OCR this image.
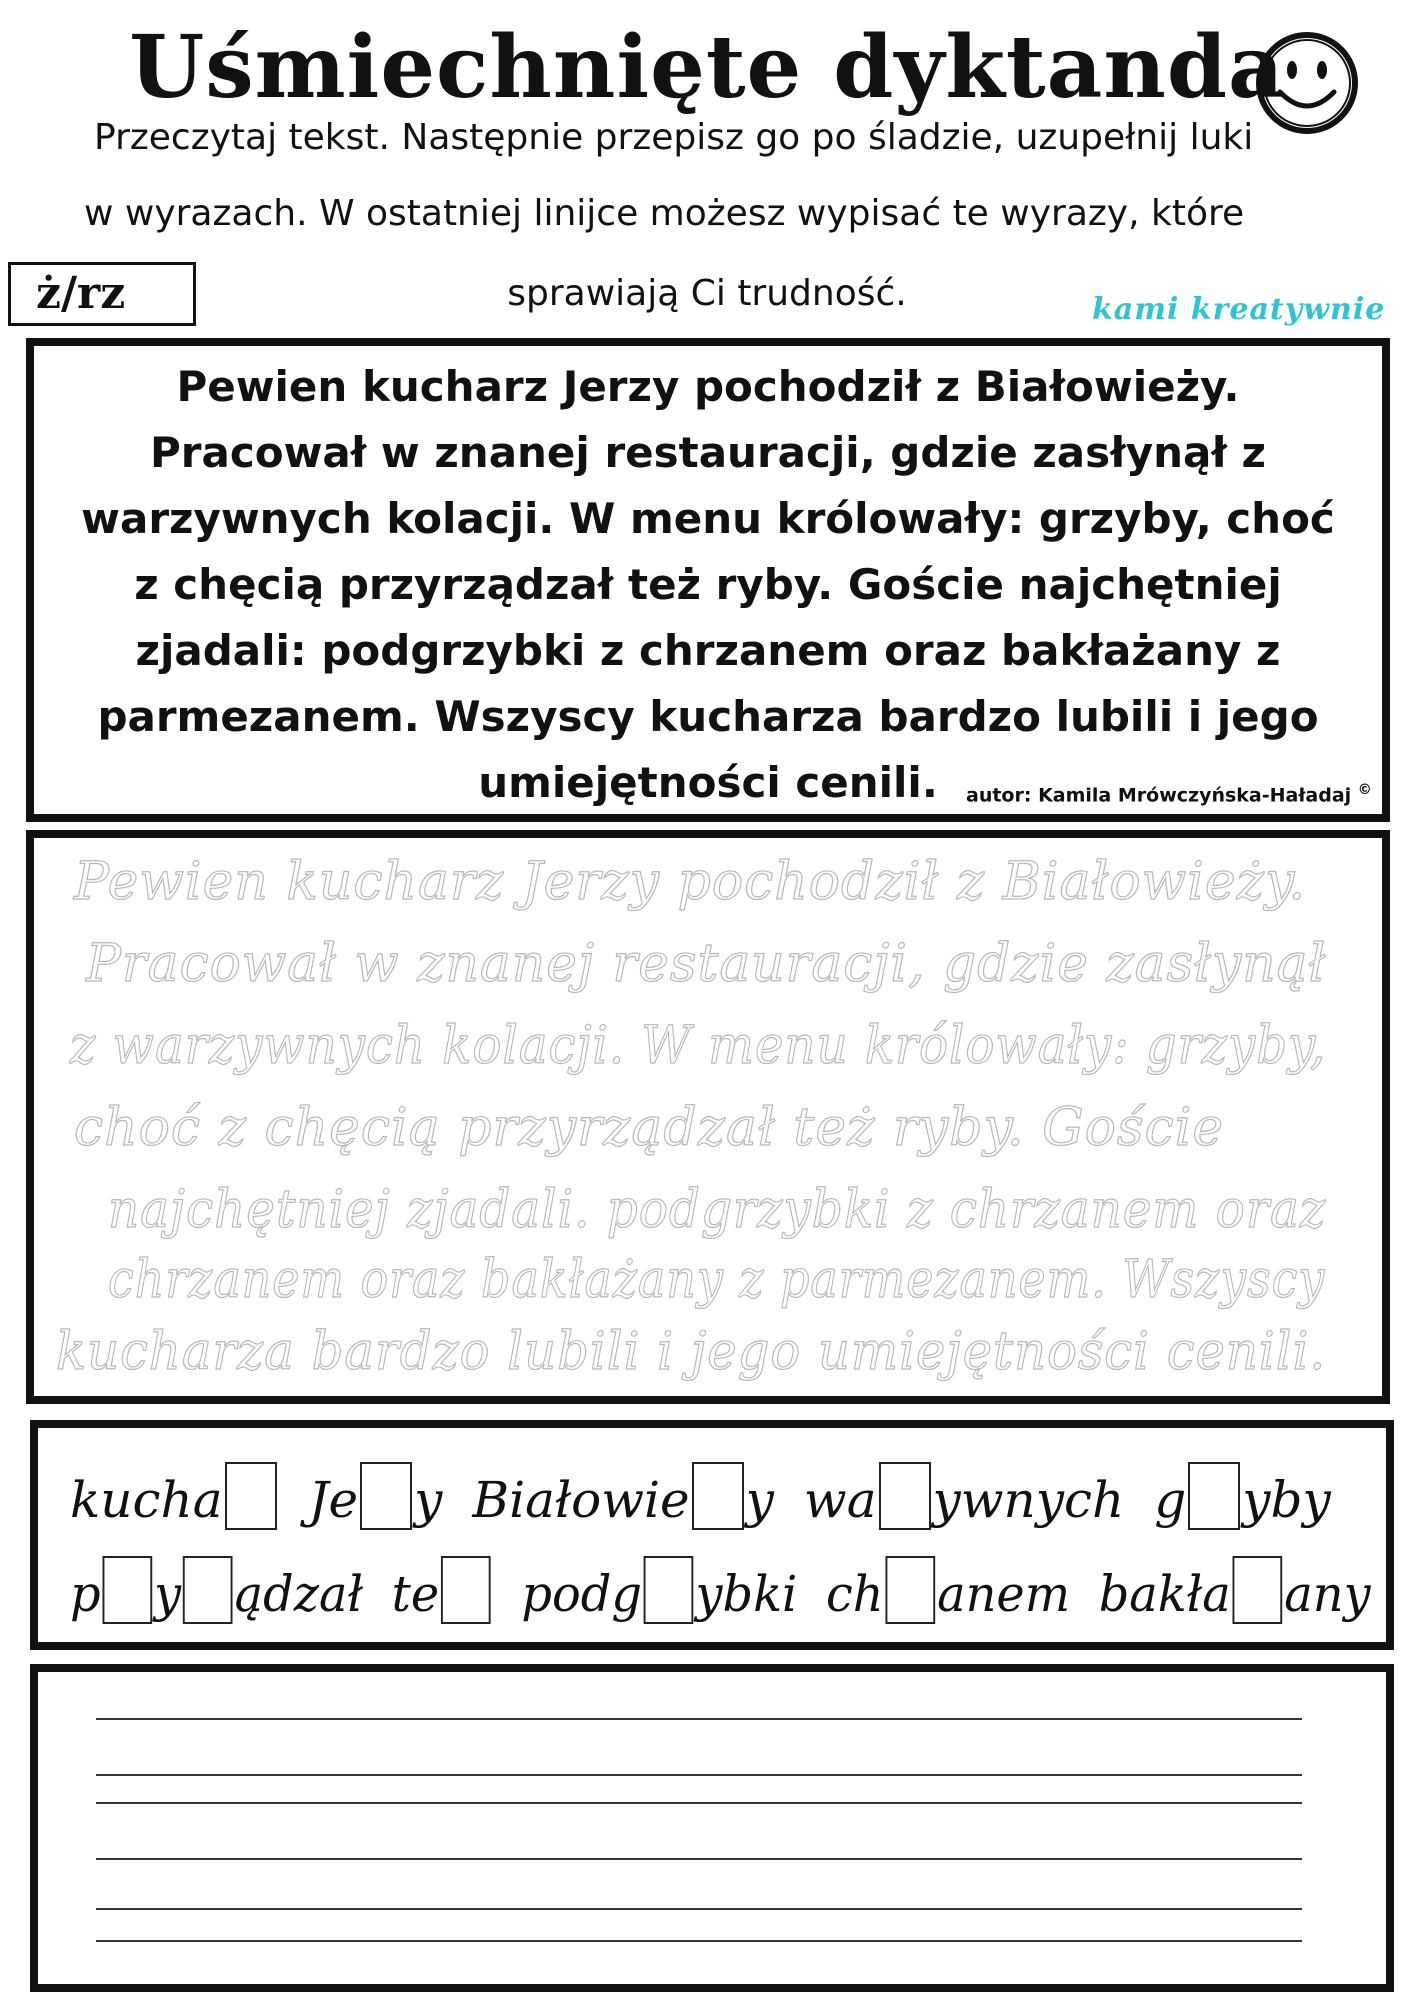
Uśmiechnięte dyktanda
Przeczytaj tekst. Następnie przepisz go po śladzie, uzupełnij luki
w wyrazach. W ostatniej linijce możesz wypisać te wyrazy, które
sprawiają Ci trudność.
ż/rz	kami kreatywnie
Pewien kucharz Jerzy pochodził z Białowieży.
Pracował w znanej restauracji, gdzie zasłynął z
warzywnych kolacji. W menu królowały: grzyby, choć
z chęcią przyrządzał też ryby. Goście najchętniej
zjadali: podgrzybki z chrzanem oraz bakłażany z
parmezanem. Wszyscy kucharza bardzo lubili i jego
umiejętności cenili.	autor: Kamila Mrówczyńska-Haładaj ©
Pewien kucharz Jerzy pochodził z Białowieży.
Pracował w znanej restauracji, gdzie zasłynął
z warzywnych kolacji. W menu królowały: grzyby,
choć z chęcią przyrządzał też ryby. Goście
najchętniej zjadali. podgrzybki z chrzanem oraz
chrzanem oraz bakłażany z parmezanem. Wszyscy
kucharza bardzo lubili i jego umiejętności cenili.
kucha Je y Białowie y wa ywnych g yby
p y ądzał te podg ybki ch anem bakła any
